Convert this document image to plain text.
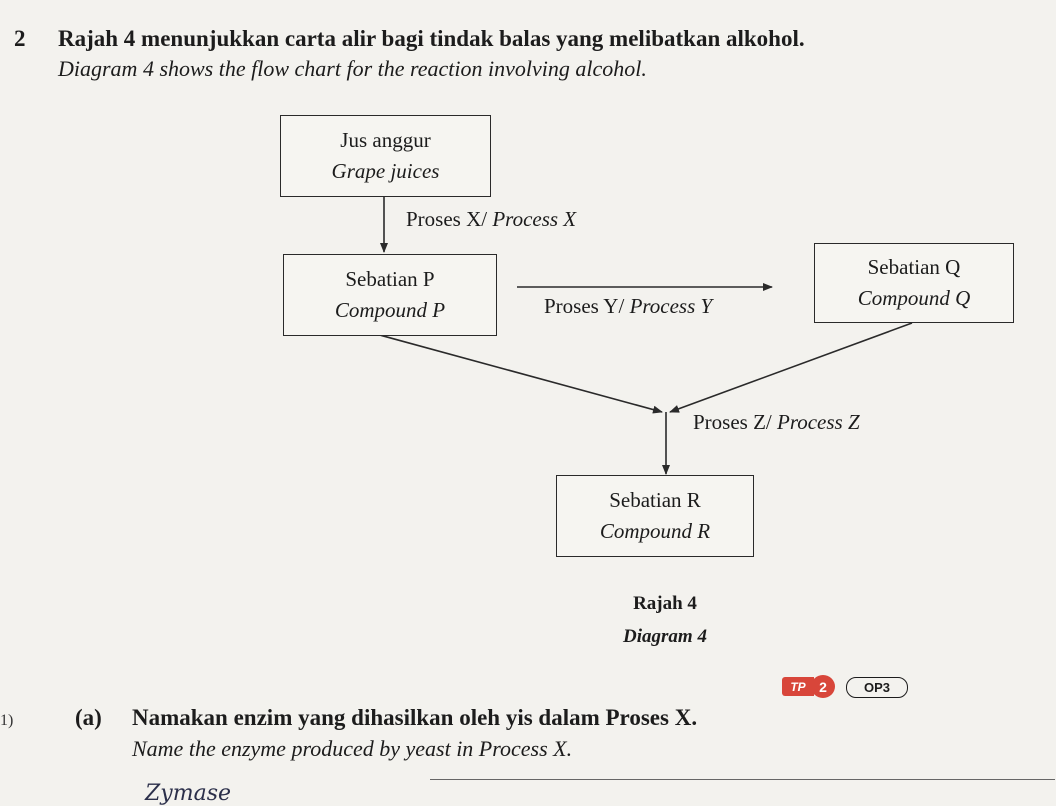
2 Rajah 4 menunjukkan carta alir bagi tindak balas yang melibatkan alkohol.
Diagram 4 shows the flow chart for the reaction involving alcohol.
Jus anggur
Grape juices
Sebatian P
Compound P
Sebatian Q
Compound Q
Sebatian R
Compound R
Proses X/ Process X
Proses Y/ Process Y
Proses Z/ Process Z
Rajah 4
Diagram 4
1)	(a) Namakan enzim yang dihasilkan oleh yis dalam Proses X.
TP 2	OP3
Name the enzyme produced by yeast in Process X.
Zymase
